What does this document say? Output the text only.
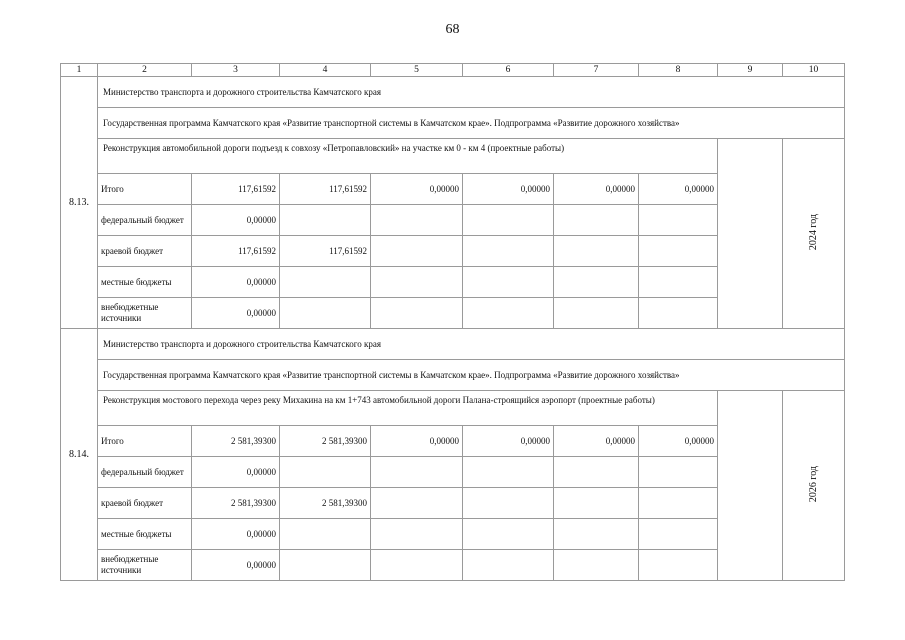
68
1	2	3	4	5	6	7	8	9	10
8.13.	Министерство транспорта и дорожного строительства Камчатского края								
	Государственная программа Камчатского края «Развитие транспортной системы в Камчатском крае». Подпрограмма «Развитие дорожного хозяйства»								
	Реконструкция автомобильной дороги подъезд к совхозу «Петропавловский» на участке км 0 - км 4 (проектные работы)								2024 год
	Итого	117,61592	117,61592	0,00000	0,00000	0,00000	0,00000		
	федеральный бюджет	0,00000							
	краевой бюджет	117,61592	117,61592						
	местные бюджеты	0,00000							
	внебюджетные источники	0,00000							
8.14.	Министерство транспорта и дорожного строительства Камчатского края								
	Государственная программа Камчатского края «Развитие транспортной системы в Камчатском крае». Подпрограмма «Развитие дорожного хозяйства»								
	Реконструкция мостового перехода через реку Михакина на км 1+743 автомобильной дороги Палана-строящийся аэропорт (проектные работы)								2026 год
	Итого	2 581,39300	2 581,39300	0,00000	0,00000	0,00000	0,00000		
	федеральный бюджет	0,00000							
	краевой бюджет	2 581,39300	2 581,39300						
	местные бюджеты	0,00000							
	внебюджетные источники	0,00000							
